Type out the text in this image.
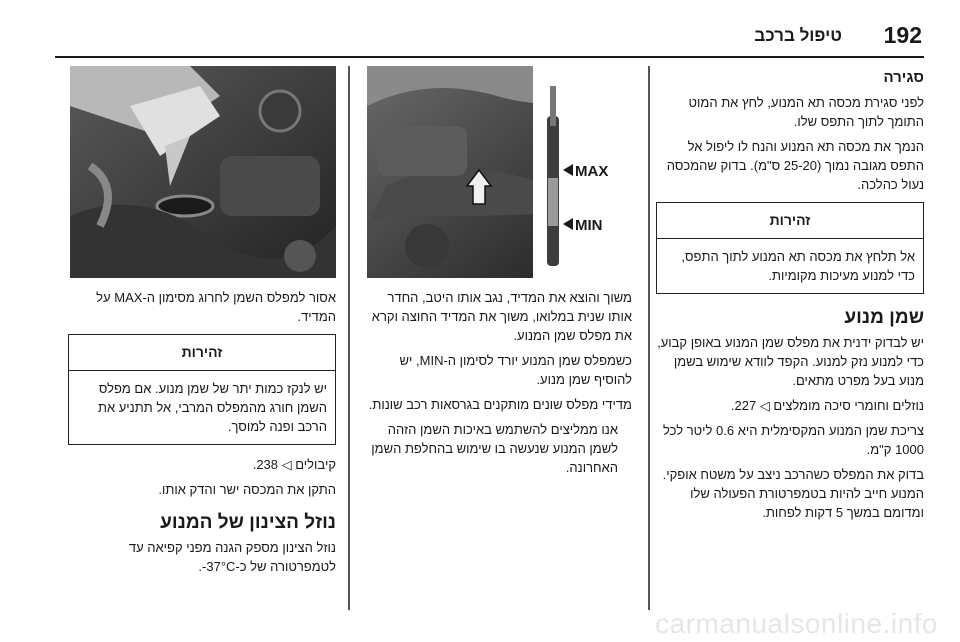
192
טיפול ברכב
סגירה

לפני סגירת מכסה תא המנוע, לחץ את המוט התומך לתוך התפס שלו.

הנמך את מכסה תא המנוע והנח לו ליפול אל התפס מגובה נמוך (25-20 ס"מ). בדוק שהמכסה נעול כהלכה.

זהירות
אל תלחץ את מכסה תא המנוע לתוך התפס, כדי למנוע מעיכות מקומיות.
שמן מנוע

יש לבדוק ידנית את מפלס שמן המנוע באופן קבוע, כדי למנוע נזק למנוע. הקפד לוודא שימוש בשמן מנוע בעל מפרט מתאים.

נוזלים וחומרי סיכה מומלצים ◁ 227.

צריכת שמן המנוע המקסימלית היא 0.6 ליטר לכל 1000 ק"מ.

בדוק את המפלס כשהרכב ניצב על משטח אופקי. המנוע חייב להיות בטמפרטורת הפעולה שלו ומדומם במשך 5 דקות לפחות.

MAX
MIN

משוך והוצא את המדיד, נגב אותו היטב, החדר אותו שנית במלואו, משוך את המדיד החוצה וקרא את מפלס שמן המנוע.

כשמפלס שמן המנוע יורד לסימון ה-MIN, יש להוסיף שמן מנוע.

מדידי מפלס שונים מותקנים בגרסאות רכב שונות.

אנו ממליצים להשתמש באיכות השמן הזהה לשמן המנוע שנעשה בו שימוש בהחלפת השמן האחרונה.

אסור למפלס השמן לחרוג מסימון ה-MAX על המדיד.

זהירות
יש לנקז כמות יתר של שמן מנוע. אם מפלס השמן חורג מהמפלס המרבי, אל תתניע את הרכב ופנה למוסך.

קיבולים ◁ 238.

התקן את המכסה ישר והדק אותו.

נוזל הצינון של המנוע

נוזל הצינון מספק הגנה מפני קפיאה עד לטמפרטורה של כ-37°C-.

carmanualsonline.info
